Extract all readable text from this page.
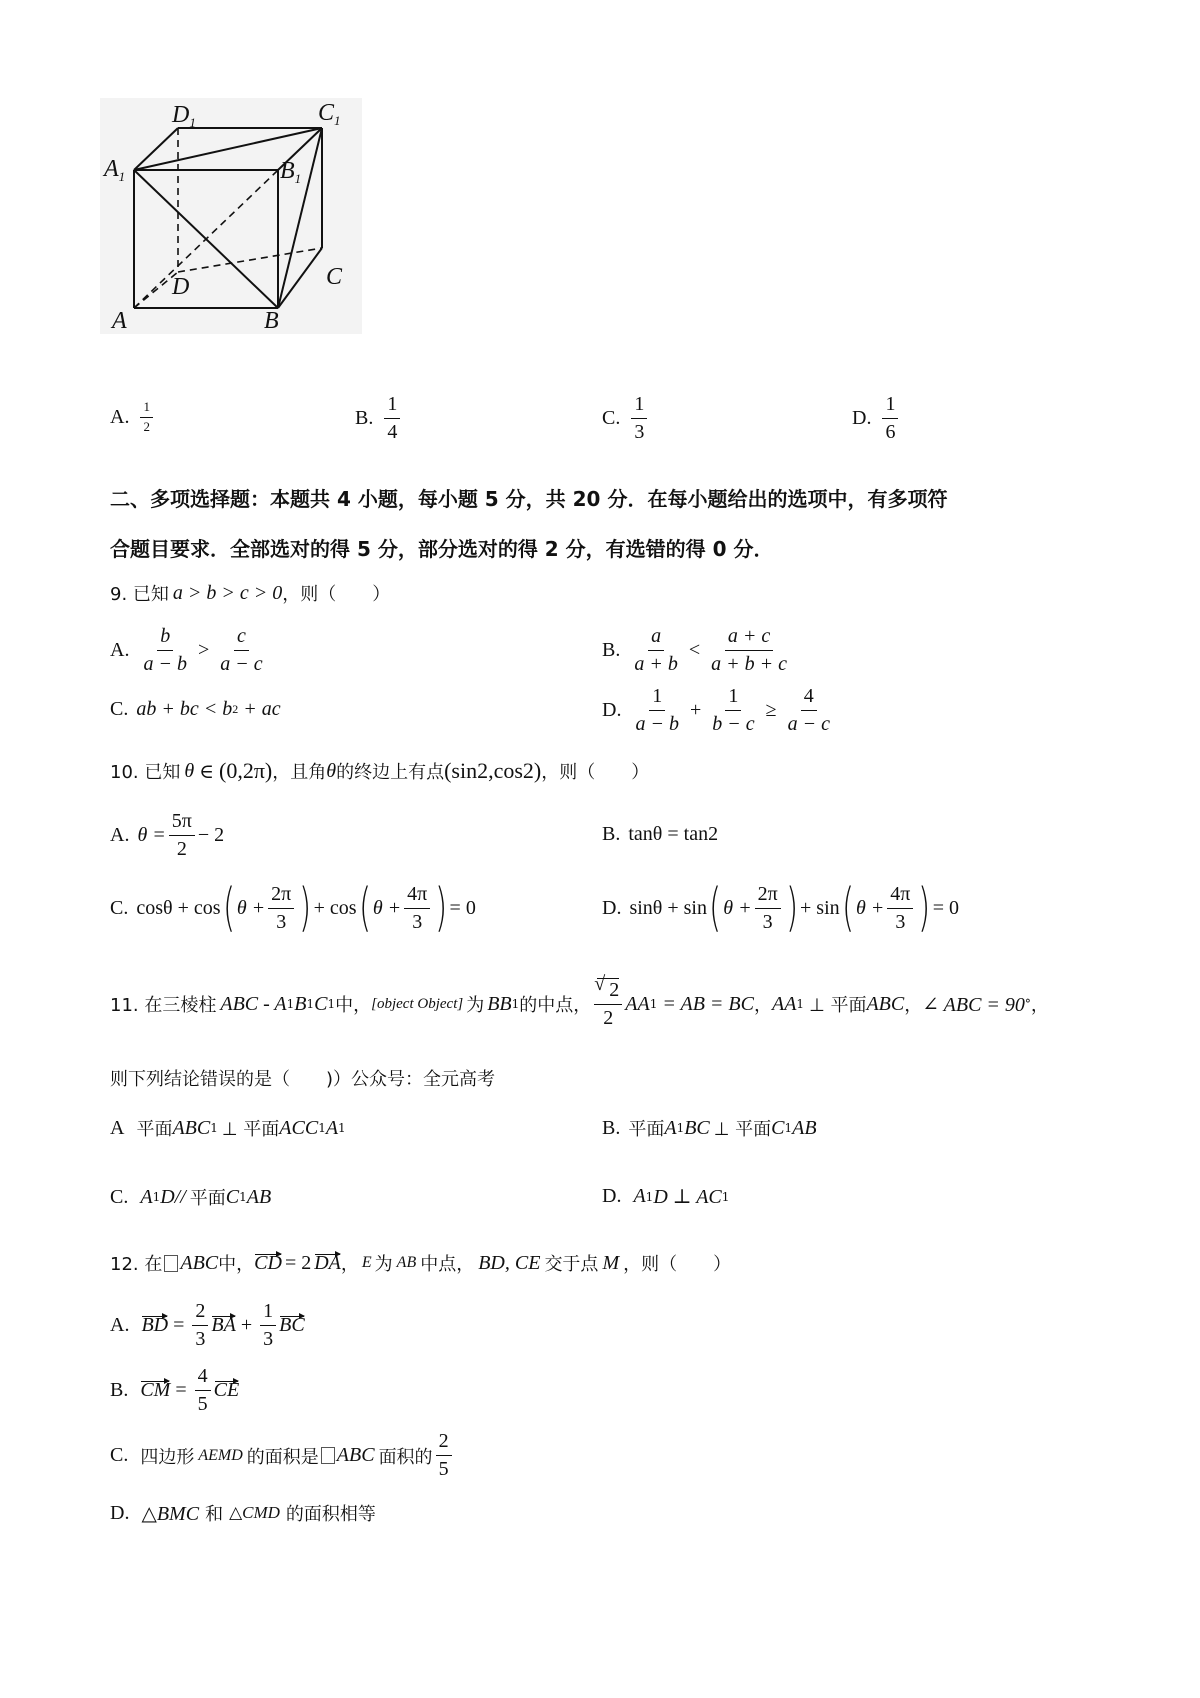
$D_1$	$C_1$
$A_1$	$B_1$
D	C
A	B
A. $\frac{1}{2}$	B. $\frac{1}{4}$	C. $\frac{1}{3}$	D. $\frac{1}{6}$
二、多项选择题：本题共 4 小题，每小题 5 分，共 20 分．在每小题给出的选项中，有多项符
合题目要求．全部选对的得 5 分，部分选对的得 2 分，有选错的得 0 分．
9. 已知 a > b > c > 0 ，则（　　）
A. $\frac{b}{a - b} > \frac{c}{a - c}$	B. $\frac{a}{a + b} < \frac{a + c}{a + b + c}$
C. ab + bc < b 2 + ac	D. $\frac{1}{a - b} + \frac{1}{b - c} \ge \frac{4}{a - c}$
10. 已知 θ ∈ (0,2π) ，且角 θ 的终边上有点 (sin2,cos2) ，则（　　）
A. $\theta = \frac{5\pi}{2} - 2$	B. tanθ = tan2
C. cosθ + cos ( $\theta + \frac{2\pi}{3}$ ) + cos ( $\theta + \frac{4\pi}{3}$ ) = 0	D. sinθ + sin ( $\theta + \frac{2\pi}{3}$ ) + sin ( $\theta + \frac{4\pi}{3}$ ) = 0
11. 在三棱柱 ABC - A 1 B 1 C 1 中， [object Object] 为 BB 1 的中点，
√ $\frac{2}{2}$ AA 1 = AB = BC ， AA 1 ⊥ 平面 ABC ， ∠ ABC = 90 ° ，
则下列结论错误的是（　　)）公众号：全元高考
A 平面 ABC 1 ⊥ 平面 ACC 1 A 1	B. 平面 A 1 BC ⊥ 平面 C 1 AB
C. A 1 D// 平面 C 1 AB	D. A 1 D ⊥ AC 1
12. 在 ABC 中， CD = 2 DA ， E 为 AB 中点， BD, CE 交于点 M ，则（　　）
A. BD = $\frac{2}{3}$ BA + $\frac{1}{3}$ BC
B. CM = $\frac{4}{5}$ CE
C. 四边形 AEMD 的面积是 ABC 面积的 $\frac{2}{5}$
D. △BMC 和 △CMD 的面积相等
